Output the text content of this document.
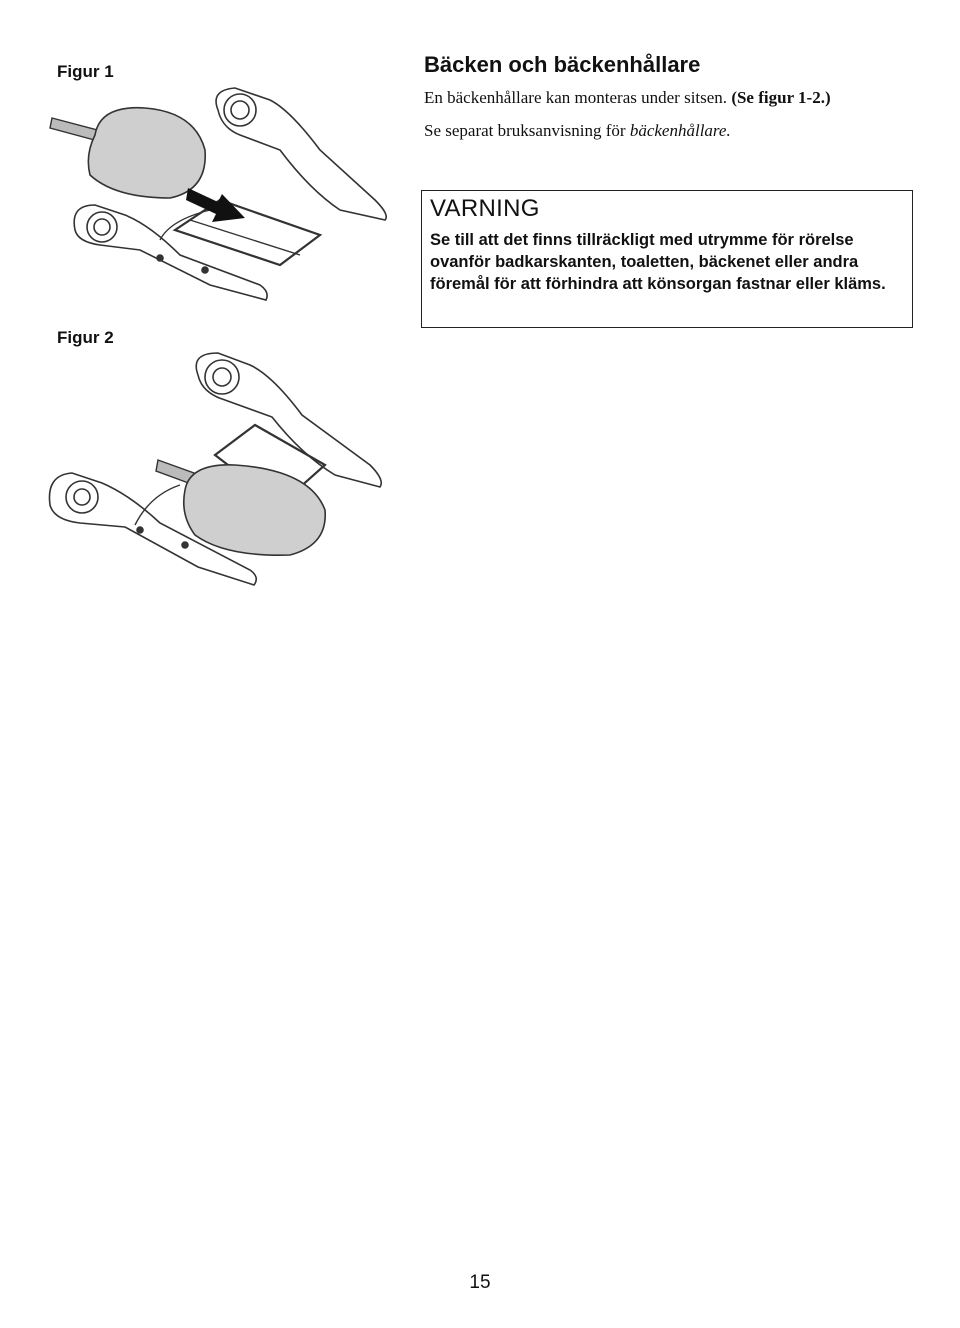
Figur 1
Figur 2
Bäcken och bäckenhållare
En bäckenhållare kan monteras under sitsen. (Se figur 1-2.)
Se separat bruksanvisning för bäckenhållare.
VARNING

Se till att det finns tillräckligt med utrymme för rörelse ovanför badkarskanten, toaletten, bäckenet eller andra föremål för att förhindra att könsorgan fastnar eller kläms.

15
